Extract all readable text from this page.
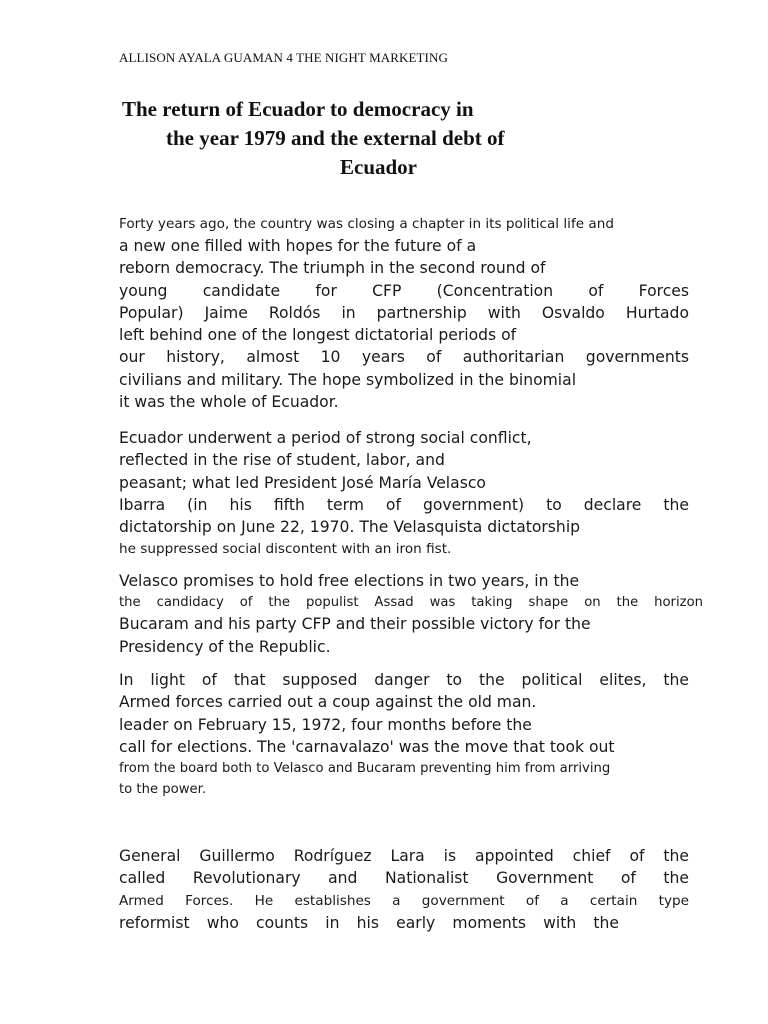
ALLISON AYALA GUAMAN 4 THE NIGHT MARKETING
The return of Ecuador to democracy in
the year 1979 and the external debt of
Ecuador
Forty years ago, the country was closing a chapter in its political life and
a new one filled with hopes for the future of a
reborn democracy. The triumph in the second round of
young candidate for CFP (Concentration of Forces
Popular) Jaime Roldós in partnership with Osvaldo Hurtado
left behind one of the longest dictatorial periods of
our history, almost 10 years of authoritarian governments
civilians and military. The hope symbolized in the binomial
it was the whole of Ecuador.
Ecuador underwent a period of strong social conflict,
reflected in the rise of student, labor, and
peasant; what led President José María Velasco
Ibarra (in his fifth term of government) to declare the
dictatorship on June 22, 1970. The Velasquista dictatorship
he suppressed social discontent with an iron fist.
Velasco promises to hold free elections in two years, in the
the candidacy of the populist Assad was taking shape on the horizon
Bucaram and his party CFP and their possible victory for the
Presidency of the Republic.
In light of that supposed danger to the political elites, the
Armed forces carried out a coup against the old man.
leader on February 15, 1972, four months before the
call for elections. The 'carnavalazo' was the move that took out
from the board both to Velasco and Bucaram preventing him from arriving
to the power.
General Guillermo Rodríguez Lara is appointed chief of the
called Revolutionary and Nationalist Government of the
Armed Forces. He establishes a government of a certain type
reformist who counts in his early moments with the
